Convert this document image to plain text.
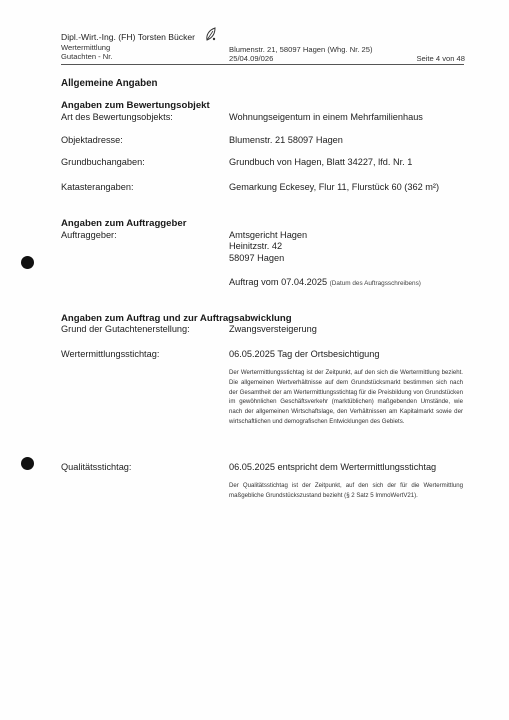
Dipl.-Wirt.-Ing. (FH) Torsten Bücker
Wertermittlung
Gutachten - Nr.
Blumenstr. 21, 58097 Hagen (Whg. Nr. 25)
25/04.09/026	Seite 4 von 48
Allgemeine Angaben
Angaben zum Bewertungsobjekt
Art des Bewertungsobjekts:	Wohnungseigentum in einem Mehrfamilienhaus
Objektadresse:	Blumenstr. 21 58097 Hagen
Grundbuchangaben:	Grundbuch von Hagen, Blatt 34227, lfd. Nr. 1
Katasterangaben:	Gemarkung Eckesey, Flur 11, Flurstück 60 (362 m²)
Angaben zum Auftraggeber
Auftraggeber:	Amtsgericht Hagen
Heinitzstr. 42
58097 Hagen
Auftrag vom 07.04.2025 (Datum des Auftragsschreibens)
Angaben zum Auftrag und zur Auftragsabwicklung
Grund der Gutachtenerstellung:	Zwangsversteigerung
Wertermittlungsstichtag:	06.05.2025 Tag der Ortsbesichtigung
Der Wertermittlungsstichtag ist der Zeitpunkt, auf den sich die Wertermittlung bezieht. Die allgemeinen Wertverhältnisse auf dem Grundstücksmarkt bestimmen sich nach der Gesamtheit der am Wertermittlungsstichtag für die Preisbildung von Grundstücken im gewöhnlichen Geschäftsverkehr (marktüblichen) maßgebenden Umstände, wie nach der allgemeinen Wirtschaftslage, den Verhältnissen am Kapitalmarkt sowie der wirtschaftlichen und demografischen Entwicklungen des Gebiets.
Qualitätsstichtag:	06.05.2025 entspricht dem Wertermittlungsstichtag
Der Qualitätsstichtag ist der Zeitpunkt, auf den sich der für die Wertermittlung maßgebliche Grundstückszustand bezieht (§ 2 Satz 5 ImmoWertV21).
